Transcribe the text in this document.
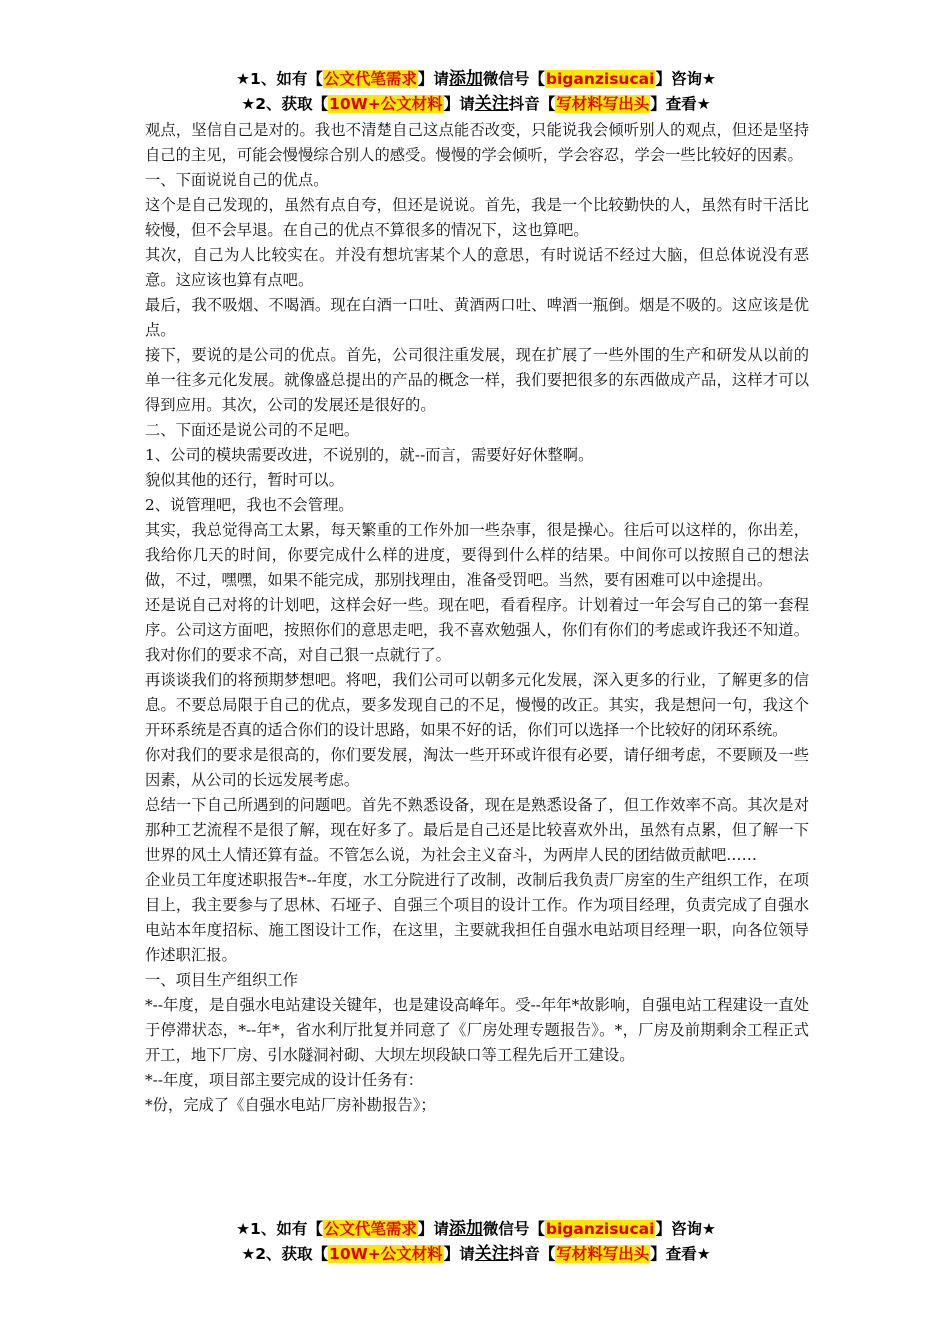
★1、如有【公文代笔需求】请添加微信号【biganzisucai】咨询★
★2、获取【10W+公文材料】请关注抖音【写材料写出头】查看★

观点，坚信自己是对的。我也不清楚自己这点能否改变，只能说我会倾听别人的观点，但还是坚持自己的主见，可能会慢慢综合别人的感受。慢慢的学会倾听，学会容忍，学会一些比较好的因素。

一、下面说说自己的优点。

这个是自己发现的，虽然有点自夸，但还是说说。首先，我是一个比较勤快的人，虽然有时干活比较慢，但不会早退。在自己的优点不算很多的情况下，这也算吧。

其次，自己为人比较实在。并没有想坑害某个人的意思，有时说话不经过大脑，但总体说没有恶意。这应该也算有点吧。

最后，我不吸烟、不喝酒。现在白酒一口吐、黄酒两口吐、啤酒一瓶倒。烟是不吸的。这应该是优点。

接下，要说的是公司的优点。首先，公司很注重发展，现在扩展了一些外围的生产和研发从以前的单一往多元化发展。就像盛总提出的产品的概念一样，我们要把很多的东西做成产品，这样才可以得到应用。其次，公司的发展还是很好的。

二、下面还是说公司的不足吧。

1、公司的模块需要改进，不说别的，就--而言，需要好好休整啊。

貌似其他的还行，暂时可以。

2、说管理吧，我也不会管理。

其实，我总觉得高工太累，每天繁重的工作外加一些杂事，很是操心。往后可以这样的，你出差，我给你几天的时间，你要完成什么样的进度，要得到什么样的结果。中间你可以按照自己的想法做，不过，嘿嘿，如果不能完成，那别找理由，准备受罚吧。当然，要有困难可以中途提出。

还是说自己对将的计划吧，这样会好一些。现在吧，看看程序。计划着过一年会写自己的第一套程序。公司这方面吧，按照你们的意思走吧，我不喜欢勉强人，你们有你们的考虑或许我还不知道。我对你们的要求不高，对自己狠一点就行了。

再谈谈我们的将预期梦想吧。将吧，我们公司可以朝多元化发展，深入更多的行业，了解更多的信息。不要总局限于自己的优点，要多发现自己的不足，慢慢的改正。其实，我是想问一句，我这个开环系统是否真的适合你们的设计思路，如果不好的话，你们可以选择一个比较好的闭环系统。

你对我们的要求是很高的，你们要发展，淘汰一些开环或许很有必要，请仔细考虑，不要顾及一些因素，从公司的长远发展考虑。

总结一下自己所遇到的问题吧。首先不熟悉设备，现在是熟悉设备了，但工作效率不高。其次是对那种工艺流程不是很了解，现在好多了。最后是自己还是比较喜欢外出，虽然有点累，但了解一下世界的风土人情还算有益。不管怎么说，为社会主义奋斗，为两岸人民的团结做贡献吧……

企业员工年度述职报告*--年度，水工分院进行了改制，改制后我负责厂房室的生产组织工作，在项目上，我主要参与了思林、石垭子、自强三个项目的设计工作。作为项目经理，负责完成了自强水电站本年度招标、施工图设计工作，在这里，主要就我担任自强水电站项目经理一职，向各位领导作述职汇报。

一、项目生产组织工作

*--年度，是自强水电站建设关键年，也是建设高峰年。受--年年*故影响，自强电站工程建设一直处于停滞状态，*--年*，省水利厅批复并同意了《厂房处理专题报告》。*，厂房及前期剩余工程正式开工，地下厂房、引水隧洞衬砌、大坝左坝段缺口等工程先后开工建设。

*--年度，项目部主要完成的设计任务有：

*份，完成了《自强水电站厂房补勘报告》；

★1、如有【公文代笔需求】请添加微信号【biganzisucai】咨询★
★2、获取【10W+公文材料】请关注抖音【写材料写出头】查看★
